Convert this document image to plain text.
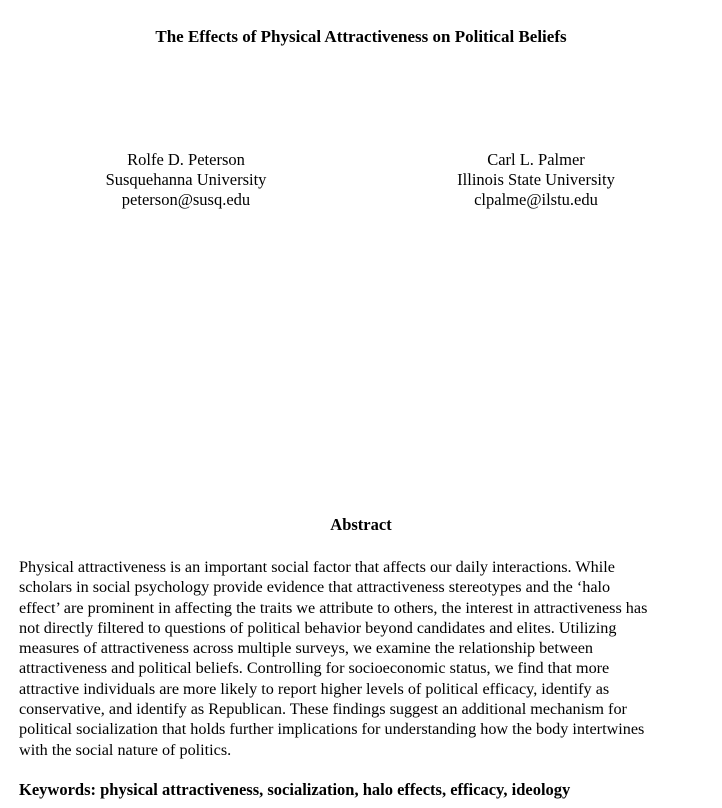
The Effects of Physical Attractiveness on Political Beliefs
Rolfe D. Peterson
Susquehanna University
peterson@susq.edu
Carl L. Palmer
Illinois State University
clpalme@ilstu.edu
Abstract
Physical attractiveness is an important social factor that affects our daily interactions. While
scholars in social psychology provide evidence that attractiveness stereotypes and the ‘halo
effect’ are prominent in affecting the traits we attribute to others, the interest in attractiveness has
not directly filtered to questions of political behavior beyond candidates and elites. Utilizing
measures of attractiveness across multiple surveys, we examine the relationship between
attractiveness and political beliefs. Controlling for socioeconomic status, we find that more
attractive individuals are more likely to report higher levels of political efficacy, identify as
conservative, and identify as Republican. These findings suggest an additional mechanism for
political socialization that holds further implications for understanding how the body intertwines
with the social nature of politics.
Keywords: physical attractiveness, socialization, halo effects, efficacy, ideology
